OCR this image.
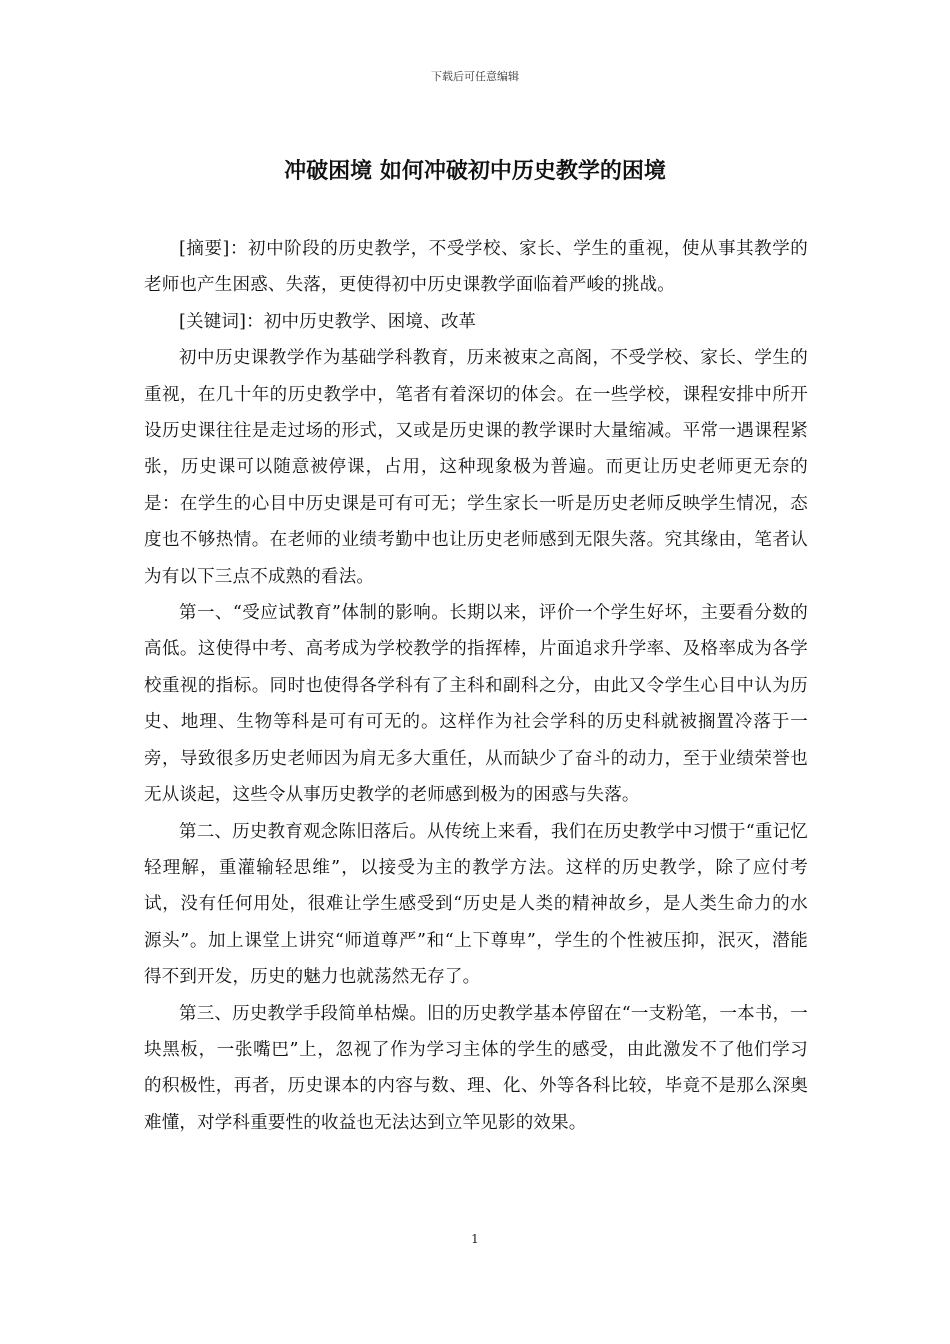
下载后可任意编辑
冲破困境 如何冲破初中历史教学的困境

[摘要]：初中阶段的历史教学，不受学校、家长、学生的重视，使从事其教学的老师也产生困惑、失落，更使得初中历史课教学面临着严峻的挑战。

[关键词]：初中历史教学、困境、改革

初中历史课教学作为基础学科教育，历来被束之高阁，不受学校、家长、学生的重视，在几十年的历史教学中，笔者有着深切的体会。在一些学校，课程安排中所开设历史课往往是走过场的形式，又或是历史课的教学课时大量缩减。平常一遇课程紧张，历史课可以随意被停课，占用，这种现象极为普遍。而更让历史老师更无奈的是：在学生的心目中历史课是可有可无；学生家长一听是历史老师反映学生情况，态度也不够热情。在老师的业绩考勤中也让历史老师感到无限失落。究其缘由，笔者认为有以下三点不成熟的看法。

第一、“受应试教育”体制的影响。长期以来，评价一个学生好坏，主要看分数的高低。这使得中考、高考成为学校教学的指挥棒，片面追求升学率、及格率成为各学校重视的指标。同时也使得各学科有了主科和副科之分，由此又令学生心目中认为历史、地理、生物等科是可有可无的。这样作为社会学科的历史科就被搁置冷落于一旁，导致很多历史老师因为肩无多大重任，从而缺少了奋斗的动力，至于业绩荣誉也无从谈起，这些令从事历史教学的老师感到极为的困惑与失落。

第二、历史教育观念陈旧落后。从传统上来看，我们在历史教学中习惯于“重记忆轻理解，重灌输轻思维”，以接受为主的教学方法。这样的历史教学，除了应付考试，没有任何用处，很难让学生感受到“历史是人类的精神故乡，是人类生命力的水源头”。加上课堂上讲究“师道尊严”和“上下尊卑”，学生的个性被压抑，泯灭，潜能得不到开发，历史的魅力也就荡然无存了。

第三、历史教学手段简单枯燥。旧的历史教学基本停留在“一支粉笔，一本书，一块黑板，一张嘴巴”上，忽视了作为学习主体的学生的感受，由此激发不了他们学习的积极性，再者，历史课本的内容与数、理、化、外等各科比较，毕竟不是那么深奥难懂，对学科重要性的收益也无法达到立竿见影的效果。

1
